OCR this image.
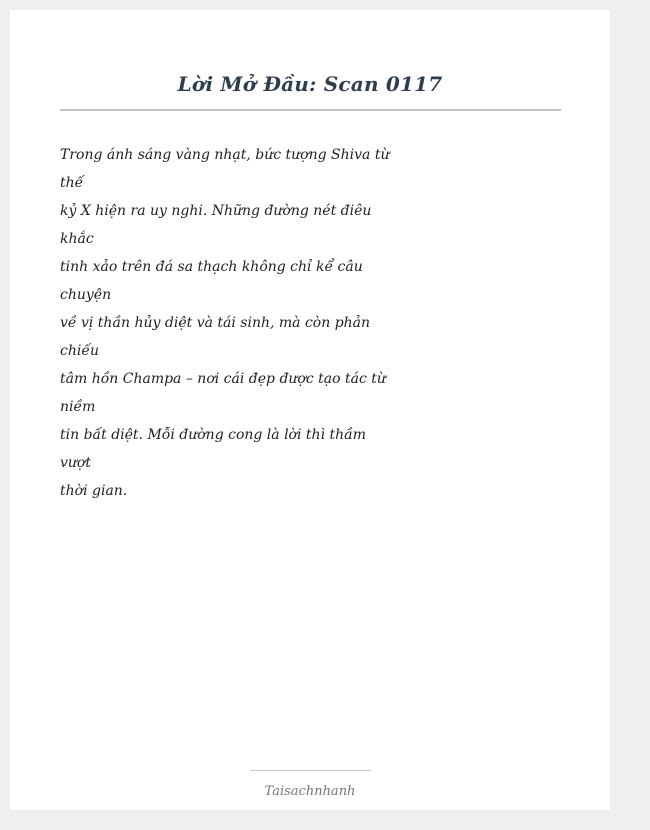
Lời Mở Đầu: Scan 0117
Trong ánh sáng vàng nhạt, bức tượng Shiva từ
thế
kỷ X hiện ra uy nghi. Những đường nét điêu
khắc
tinh xảo trên đá sa thạch không chỉ kể câu
chuyện
về vị thần hủy diệt và tái sinh, mà còn phản
chiếu
tâm hồn Champa – nơi cái đẹp được tạo tác từ
niềm
tin bất diệt. Mỗi đường cong là lời thì thầm
vượt
thời gian.
Taisachnhanh
